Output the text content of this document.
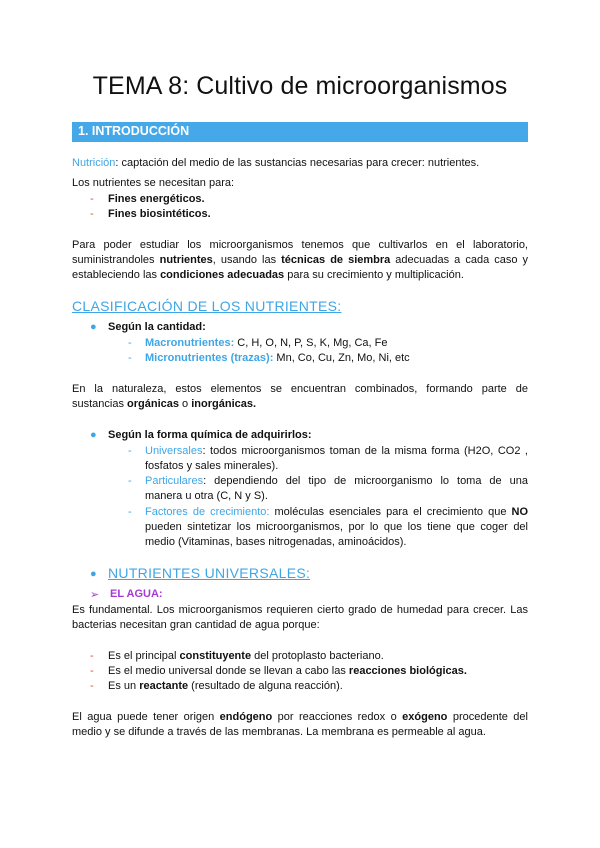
TEMA 8: Cultivo de microorganismos
1. INTRODUCCIÓN
Nutrición: captación del medio de las sustancias necesarias para crecer: nutrientes.
Los nutrientes se necesitan para:
- Fines energéticos.
- Fines biosintéticos.
Para poder estudiar los microorganismos tenemos que cultivarlos en el laboratorio,
suministrandoles nutrientes, usando las técnicas de siembra adecuadas a cada caso y
estableciendo las condiciones adecuadas para su crecimiento y multiplicación.
CLASIFICACIÓN DE LOS NUTRIENTES:
● Según la cantidad:
- Macronutrientes: C, H, O, N, P, S, K, Mg, Ca, Fe
- Micronutrientes (trazas): Mn, Co, Cu, Zn, Mo, Ni, etc
En la naturaleza, estos elementos se encuentran combinados, formando parte de
sustancias orgánicas o inorgánicas.
● Según la forma química de adquirirlos:
- Universales: todos microorganismos toman de la misma forma (H2O, CO2 ,
fosfatos y sales minerales).
- Particulares: dependiendo del tipo de microorganismo lo toma de una
manera u otra (C, N y S).
- Factores de crecimiento: moléculas esenciales para el crecimiento que NO
pueden sintetizar los microorganismos, por lo que los tiene que coger del
medio (Vitaminas, bases nitrogenadas, aminoácidos).
● NUTRIENTES UNIVERSALES:
➢ EL AGUA:
Es fundamental. Los microorganismos requieren cierto grado de humedad para crecer. Las
bacterias necesitan gran cantidad de agua porque:
- Es el principal constituyente del protoplasto bacteriano.
- Es el medio universal donde se llevan a cabo las reacciones biológicas.
- Es un reactante (resultado de alguna reacción).
El agua puede tener origen endógeno por reacciones redox o exógeno procedente del
medio y se difunde a través de las membranas. La membrana es permeable al agua.
